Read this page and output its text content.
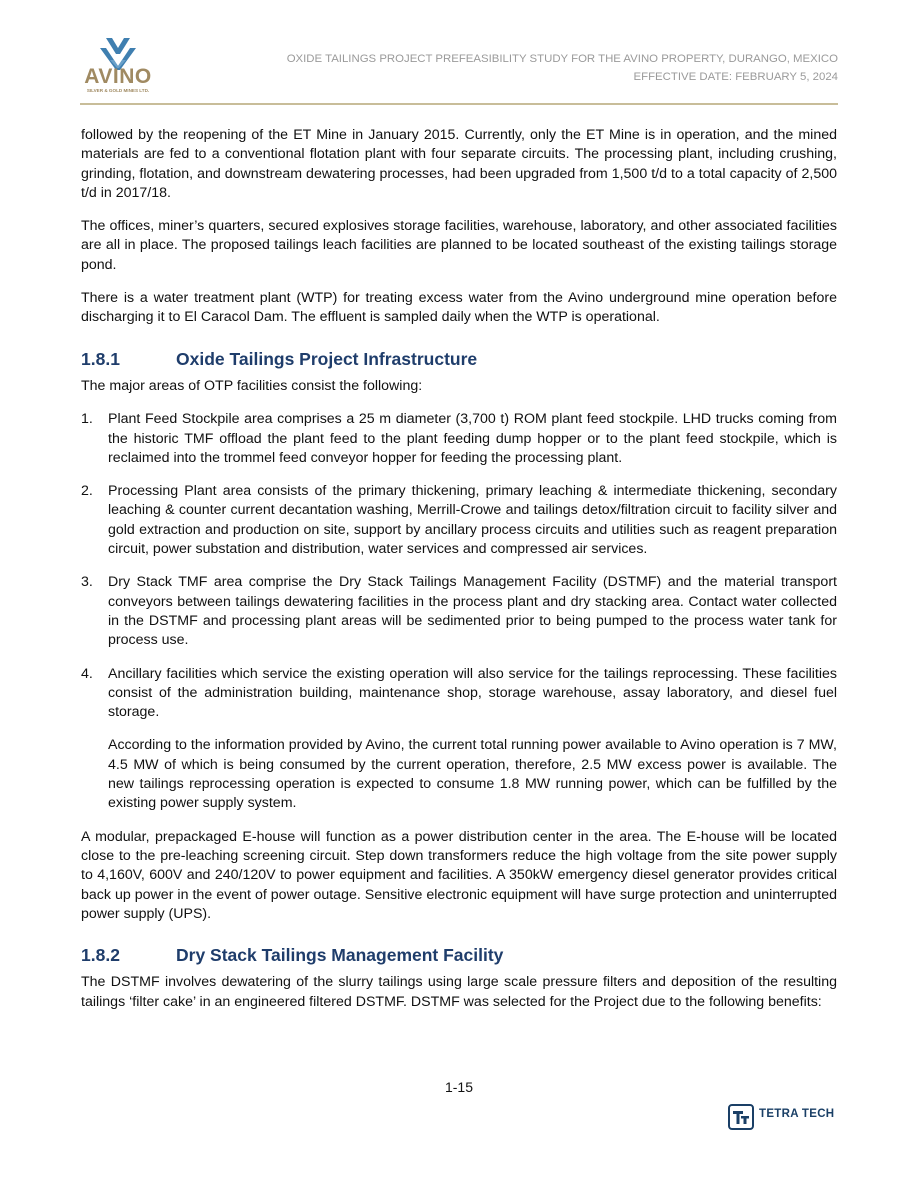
AVINO
SILVER & GOLD MINES LTD.
OXIDE TAILINGS PROJECT PREFEASIBILITY STUDY FOR THE AVINO PROPERTY, DURANGO, MEXICO
EFFECTIVE DATE: FEBRUARY 5, 2024

followed by the reopening of the ET Mine in January 2015. Currently, only the ET Mine is in operation, and the mined materials are fed to a conventional flotation plant with four separate circuits. The processing plant, including crushing, grinding, flotation, and downstream dewatering processes, had been upgraded from 1,500 t/d to a total capacity of 2,500 t/d in 2017/18.

The offices, miner’s quarters, secured explosives storage facilities, warehouse, laboratory, and other associated facilities are all in place. The proposed tailings leach facilities are planned to be located southeast of the existing tailings storage pond.

There is a water treatment plant (WTP) for treating excess water from the Avino underground mine operation before discharging it to El Caracol Dam. The effluent is sampled daily when the WTP is operational.

1.8.1	Oxide Tailings Project Infrastructure

The major areas of OTP facilities consist the following:

1.	Plant Feed Stockpile area comprises a 25 m diameter (3,700 t) ROM plant feed stockpile. LHD trucks coming from the historic TMF offload the plant feed to the plant feeding dump hopper or to the plant feed stockpile, which is reclaimed into the trommel feed conveyor hopper for feeding the processing plant.

2.	Processing Plant area consists of the primary thickening, primary leaching & intermediate thickening, secondary leaching & counter current decantation washing, Merrill-Crowe and tailings detox/filtration circuit to facility silver and gold extraction and production on site, support by ancillary process circuits and utilities such as reagent preparation circuit, power substation and distribution, water services and compressed air services.

3.	Dry Stack TMF area comprise the Dry Stack Tailings Management Facility (DSTMF) and the material transport conveyors between tailings dewatering facilities in the process plant and dry stacking area. Contact water collected in the DSTMF and processing plant areas will be sedimented prior to being pumped to the process water tank for process use.

4.	Ancillary facilities which service the existing operation will also service for the tailings reprocessing. These facilities consist of the administration building, maintenance shop, storage warehouse, assay laboratory, and diesel fuel storage.

According to the information provided by Avino, the current total running power available to Avino operation is 7 MW, 4.5 MW of which is being consumed by the current operation, therefore, 2.5 MW excess power is available. The new tailings reprocessing operation is expected to consume 1.8 MW running power, which can be fulfilled by the existing power supply system.

A modular, prepackaged E-house will function as a power distribution center in the area. The E-house will be located close to the pre-leaching screening circuit. Step down transformers reduce the high voltage from the site power supply to 4,160V, 600V and 240/120V to power equipment and facilities. A 350kW emergency diesel generator provides critical back up power in the event of power outage. Sensitive electronic equipment will have surge protection and uninterrupted power supply (UPS).

1.8.2	Dry Stack Tailings Management Facility

The DSTMF involves dewatering of the slurry tailings using large scale pressure filters and deposition of the resulting tailings ‘filter cake’ in an engineered filtered DSTMF. DSTMF was selected for the Project due to the following benefits:

1-15
TETRA TECH
